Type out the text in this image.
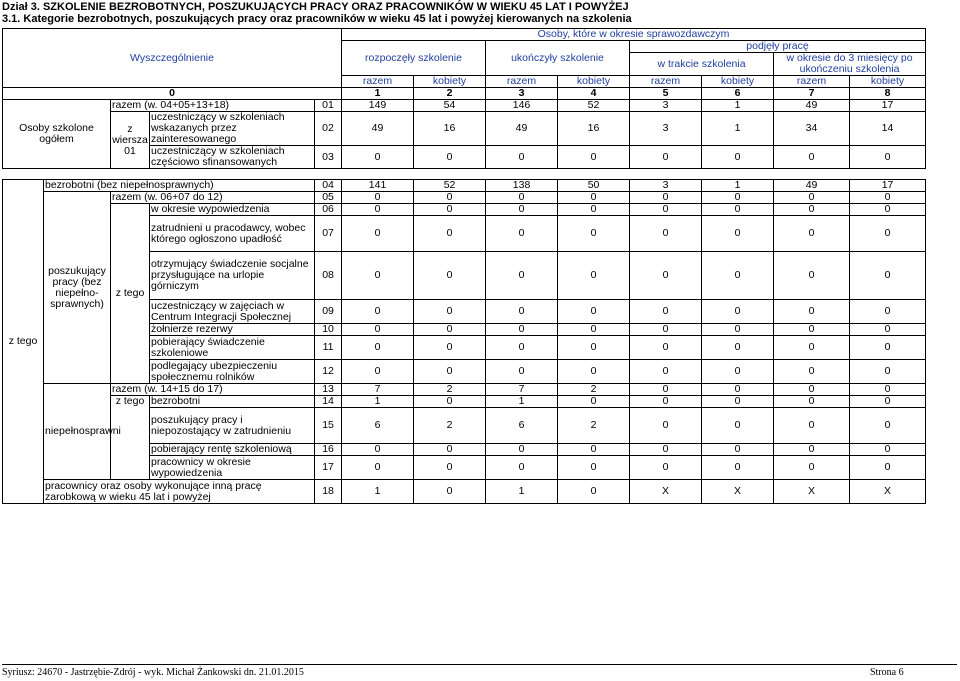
Dział 3. SZKOLENIE BEZROBOTNYCH, POSZUKUJĄCYCH PRACY ORAZ PRACOWNIKÓW W WIEKU 45 LAT I POWYŻEJ
3.1. Kategorie bezrobotnych, poszukujących pracy oraz pracowników w wieku 45 lat i powyżej kierowanych na szkolenia
Wyszczególnienie				Osoby, które w okresie sprawozdawczym							
				rozpoczęły szkolenie		ukończyły szkolenie		podjęły pracę			
								w trakcie szkolenia		w okresie do 3 miesięcy po ukończeniu szkolenia	
				razem	kobiety	razem	kobiety	razem	kobiety	razem	kobiety
0				1	2	3	4	5	6	7	8
Osoby szkolone ogółem	razem (w. 04+05+13+18)		01	149	54	146	52	3	1	49	17
	z wiersza 01	uczestniczący w szkoleniach wskazanych przez zainteresowanego	02	49	16	49	16	3	1	34	14
		uczestniczący w szkoleniach częściowo sfinansowanych	03	0	0	0	0	0	0	0	0
z tego	bezrobotni (bez niepełnosprawnych)			04	141	52	138	50	3	1	49	17
	poszukujący pracy (bez niepełno-sprawnych)	razem (w. 06+07 do 12)		05	0	0	0	0	0	0	0	0
		z tego	w okresie wypowiedzenia	06	0	0	0	0	0	0	0	0
			zatrudnieni u pracodawcy, wobec którego ogłoszono upadłość	07	0	0	0	0	0	0	0	0
			otrzymujący świadczenie socjalne przysługujące na urlopie górniczym	08	0	0	0	0	0	0	0	0
			uczestniczący w zajęciach w Centrum Integracji Społecznej	09	0	0	0	0	0	0	0	0
			żołnierze rezerwy	10	0	0	0	0	0	0	0	0
			pobierający świadczenie szkoleniowe	11	0	0	0	0	0	0	0	0
			podlegający ubezpieczeniu społecznemu rolników	12	0	0	0	0	0	0	0	0
	niepełnosprawni	razem (w. 14+15 do 17)		13	7	2	7	2	0	0	0	0
		z tego	bezrobotni	14	1	0	1	0	0	0	0	0
			poszukujący pracy i niepozostający w zatrudnieniu	15	6	2	6	2	0	0	0	0
			pobierający rentę szkoleniową	16	0	0	0	0	0	0	0	0
			pracownicy w okresie wypowiedzenia	17	0	0	0	0	0	0	0	0
	pracownicy oraz osoby wykonujące inną pracę zarobkową w wieku 45 lat i powyżej			18	1	0	1	0	X	X	X	X
Syriusz: 24670 - Jastrzębie-Zdrój - wyk. Michał Żankowski dn. 21.01.2015	Strona 6
